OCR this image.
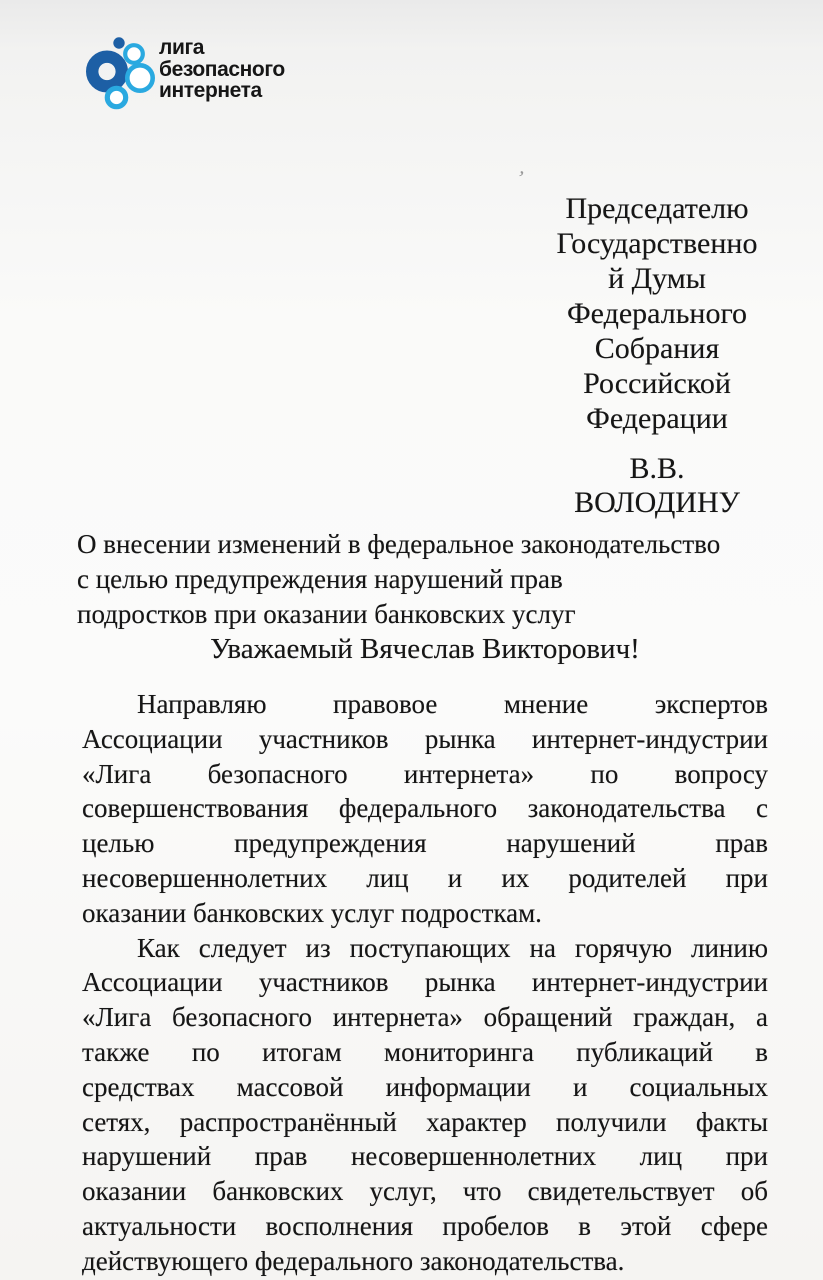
лига
безопасного
интернета
’
Председателю
Государственно
й Думы
Федерального
Собрания
Российской
Федерации
В.В.
ВОЛОДИНУ
О внесении изменений в федеральное законодательство
с целью предупреждения нарушений прав
подростков при оказании банковских услуг
Уважаемый Вячеслав Викторович!
Направляю правовое мнение экспертов
Ассоциации участников рынка интернет-индустрии
«Лига безопасного интернета» по вопросу
совершенствования федерального законодательства с
целью предупреждения нарушений прав
несовершеннолетних лиц и их родителей при
оказании банковских услуг подросткам.
Как следует из поступающих на горячую линию
Ассоциации участников рынка интернет-индустрии
«Лига безопасного интернета» обращений граждан, а
также по итогам мониторинга публикаций в
средствах массовой информации и социальных
сетях, распространённый характер получили факты
нарушений прав несовершеннолетних лиц при
оказании банковских услуг, что свидетельствует об
актуальности восполнения пробелов в этой сфере
действующего федерального законодательства.
